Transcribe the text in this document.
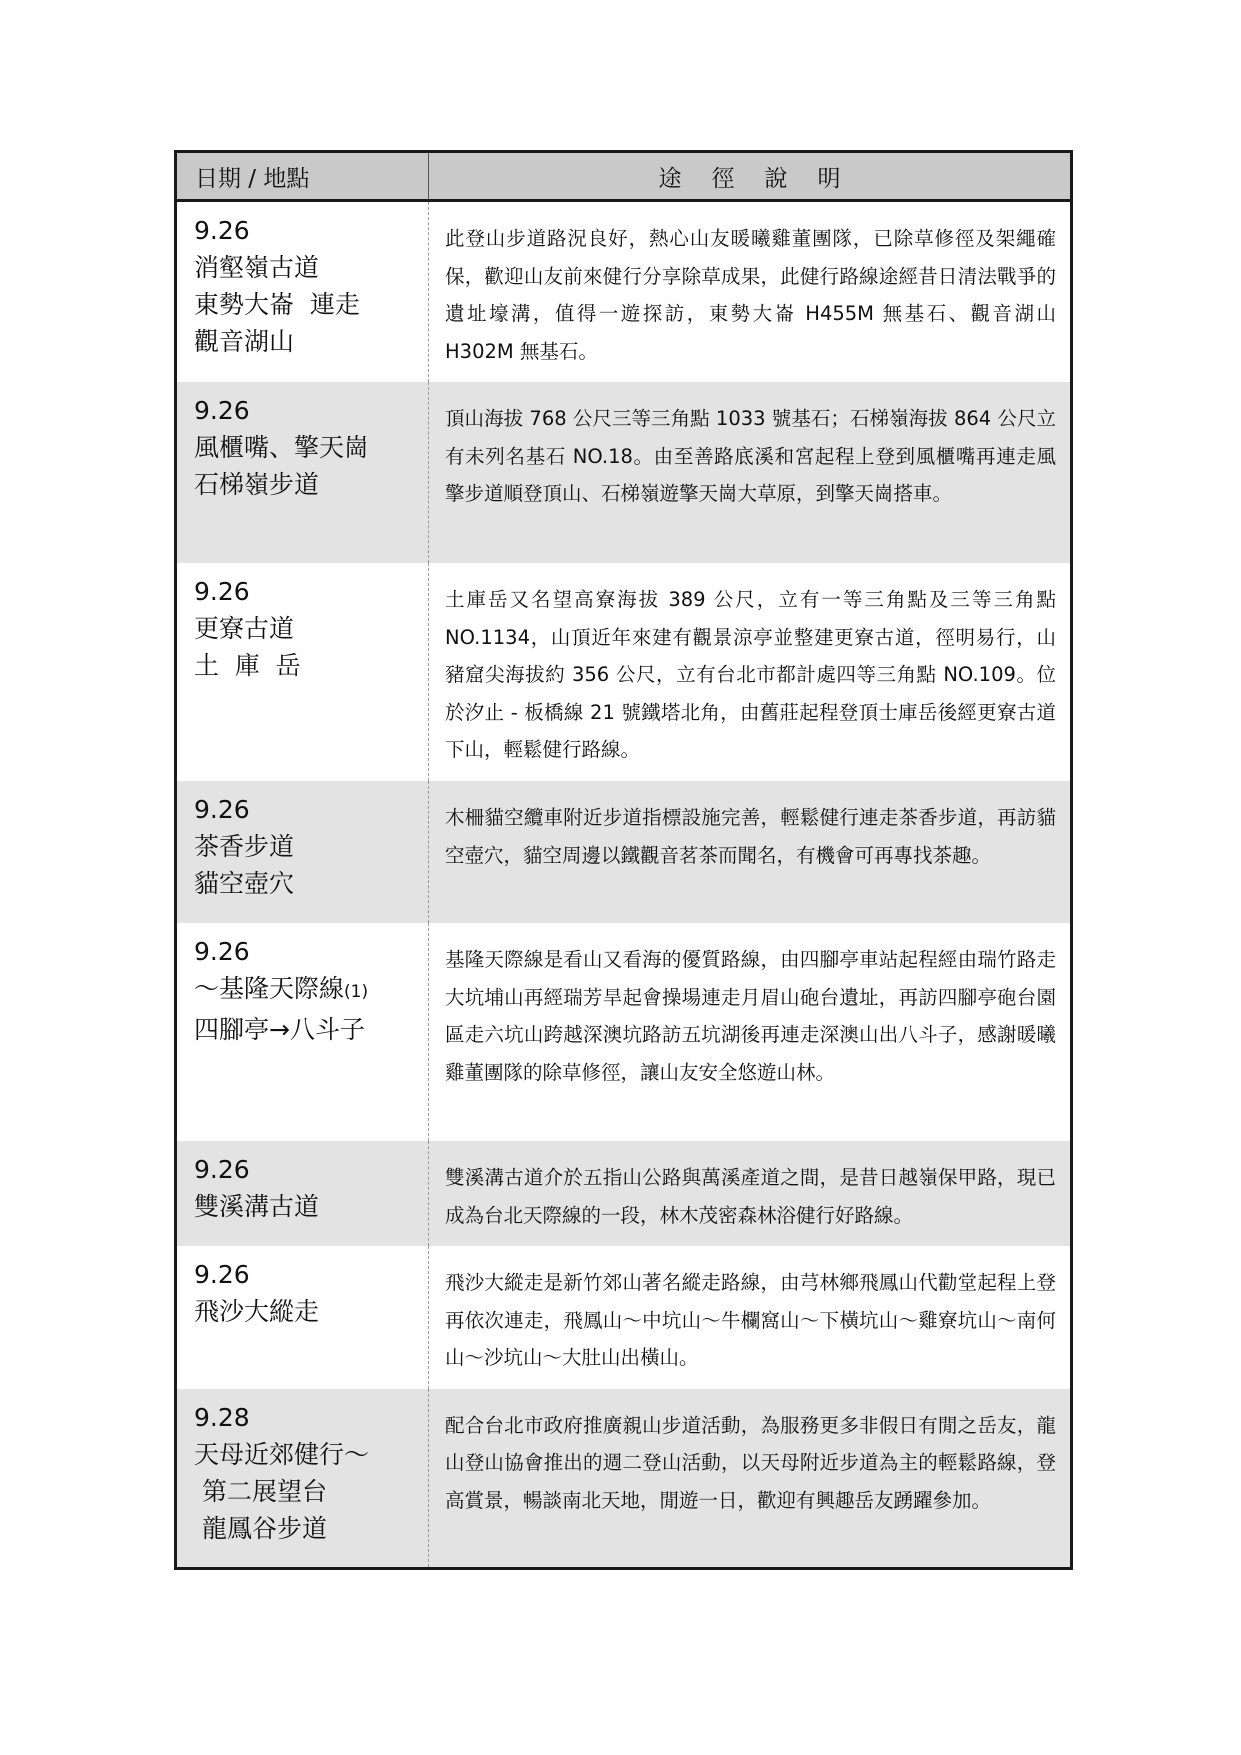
日期 / 地點	途徑說明

9.26
消壑嶺古道
東勢大崙  連走
觀音湖山	此登山步道路況良好，熱心山友暖曦雞董團隊，已除草修徑及架繩確保，歡迎山友前來健行分享除草成果，此健行路線途經昔日清法戰爭的遺址壕溝，值得一遊探訪，東勢大崙 H455M 無基石、觀音湖山 H302M 無基石。

9.26
風櫃嘴、擎天崗
石梯嶺步道	頂山海拔 768 公尺三等三角點 1033 號基石；石梯嶺海拔 864 公尺立有未列名基石 NO.18。由至善路底溪和宮起程上登到風櫃嘴再連走風擎步道順登頂山、石梯嶺遊擎天崗大草原，到擎天崗搭車。

9.26
更寮古道
土  庫  岳	土庫岳又名望高寮海拔 389 公尺，立有一等三角點及三等三角點 NO.1134，山頂近年來建有觀景涼亭並整建更寮古道，徑明易行，山豬窟尖海拔約 356 公尺，立有台北市都計處四等三角點 NO.109。位於汐止 - 板橋線 21 號鐵塔北角，由舊莊起程登頂士庫岳後經更寮古道下山，輕鬆健行路線。

9.26
茶香步道
貓空壺穴	木柵貓空纜車附近步道指標設施完善，輕鬆健行連走茶香步道，再訪貓空壺穴，貓空周邊以鐵觀音茗茶而聞名，有機會可再專找茶趣。

9.26
～基隆天際線(1)
四腳亭→八斗子	基隆天際線是看山又看海的優質路線，由四腳亭車站起程經由瑞竹路走大坑埔山再經瑞芳旱起會操場連走月眉山砲台遺址，再訪四腳亭砲台園區走六坑山跨越深澳坑路訪五坑湖後再連走深澳山出八斗子，感謝暖曦雞董團隊的除草修徑，讓山友安全悠遊山林。

9.26
雙溪溝古道	雙溪溝古道介於五指山公路與萬溪產道之間，是昔日越嶺保甲路，現已成為台北天際線的一段，林木茂密森林浴健行好路線。

9.26
飛沙大縱走	飛沙大縱走是新竹郊山著名縱走路線，由芎林鄉飛鳳山代勸堂起程上登再依次連走，飛鳳山～中坑山～牛欄窩山～下橫坑山～雞寮坑山～南何山～沙坑山～大肚山出橫山。

9.28
天母近郊健行～
第二展望台
龍鳳谷步道	配合台北市政府推廣親山步道活動，為服務更多非假日有閒之岳友，龍山登山協會推出的週二登山活動，以天母附近步道為主的輕鬆路線，登高賞景，暢談南北天地，閒遊一日，歡迎有興趣岳友踴躍參加。
